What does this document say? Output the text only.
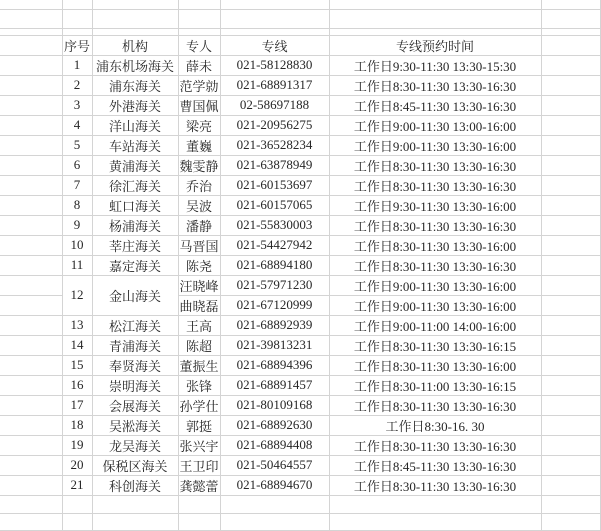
	序号	机构	专人	专线	专线预约时间	
	1	浦东机场海关	薛未	021-58128830	工作日9:30-11:30 13:30-15:30	
	2	浦东海关	范学勍	021-68891317	工作日8:30-11:30 13:30-16:30	
	3	外港海关	曹国佩	02-58697188	工作日8:45-11:30 13:30-16:30	
	4	洋山海关	梁亮	021-20956275	工作日9:00-11:30 13:00-16:00	
	5	车站海关	董巍	021-36528234	工作日9:00-11:30 13:30-16:00	
	6	黄浦海关	魏雯静	021-63878949	工作日8:30-11:30 13:30-16:30	
	7	徐汇海关	乔治	021-60153697	工作日8:30-11:30 13:30-16:30	
	8	虹口海关	吴波	021-60157065	工作日9:30-11:30 13:30-16:00	
	9	杨浦海关	潘静	021-55830003	工作日8:30-11:30 13:30-16:30	
	10	莘庄海关	马晋国	021-54427942	工作日8:30-11:30 13:30-16:00	
	11	嘉定海关	陈尧	021-68894180	工作日8:30-11:30 13:30-16:30	
	12	金山海关	汪晓峰	021-57971230	工作日9:00-11:30 13:30-16:00	
			曲晓磊	021-67120999	工作日9:00-11:30 13:30-16:00	
	13	松江海关	王高	021-68892939	工作日9:00-11:00 14:00-16:00	
	14	青浦海关	陈超	021-39813231	工作日8:30-11:30 13:30-16:15	
	15	奉贤海关	董振生	021-68894396	工作日8:30-11:30 13:30-16:00	
	16	崇明海关	张锋	021-68891457	工作日8:30-11:00 13:30-16:15	
	17	会展海关	孙学仕	021-80109168	工作日8:30-11:30 13:30-16:30	
	18	吴淞海关	郭挺	021-68892630	工作日8:30-16. 30	
	19	龙吴海关	张兴宇	021-68894408	工作日8:30-11:30 13:30-16:30	
	20	保税区海关	王卫印	021-50464557	工作日8:45-11:30 13:30-16:30	
	21	科创海关	龚懿蕾	021-68894670	工作日8:30-11:30 13:30-16:30	
